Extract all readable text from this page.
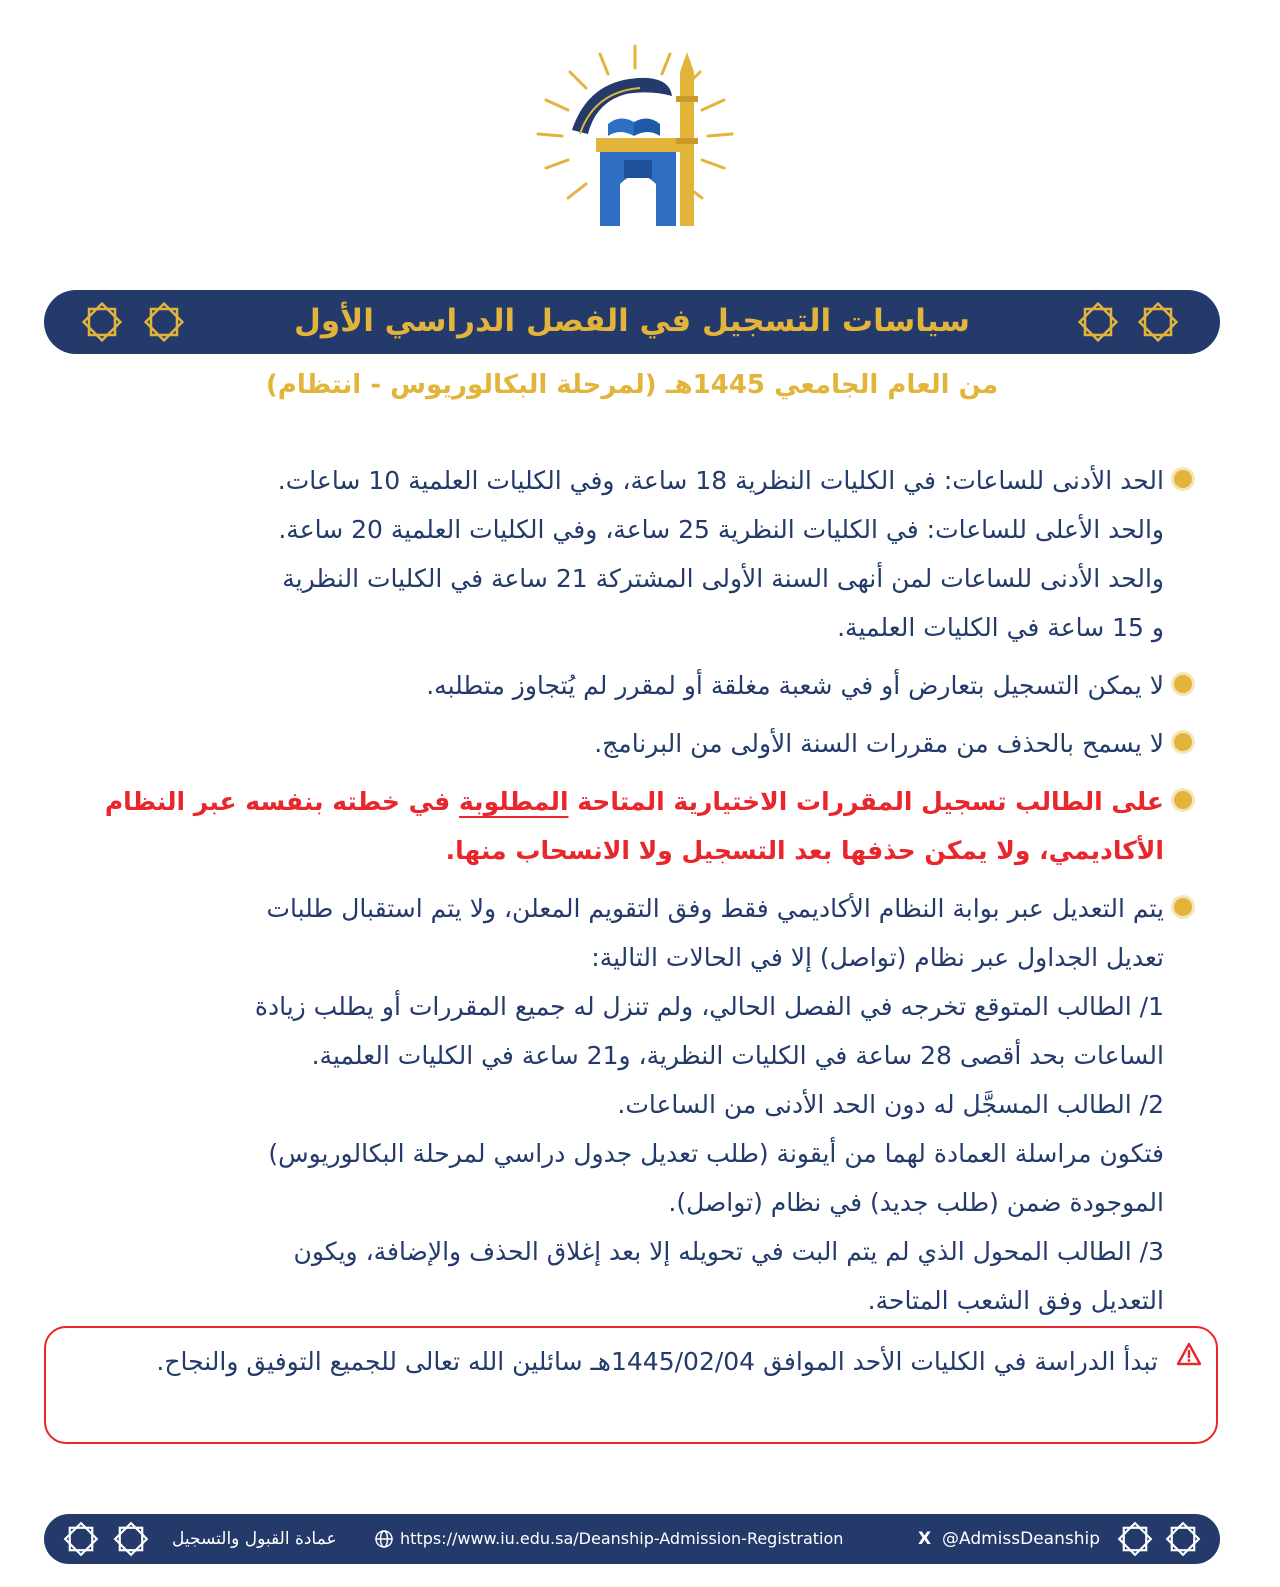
سياسات التسجيل في الفصل الدراسي الأول
من العام الجامعي 1445هـ (لمرحلة البكالوريوس - انتظام)
الحد الأدنى للساعات: في الكليات النظرية 18 ساعة، وفي الكليات العلمية 10 ساعات.
والحد الأعلى للساعات: في الكليات النظرية 25 ساعة، وفي الكليات العلمية 20 ساعة.
والحد الأدنى للساعات لمن أنهى السنة الأولى المشتركة 21 ساعة في الكليات النظرية
و 15 ساعة في الكليات العلمية.
لا يمكن التسجيل بتعارض أو في شعبة مغلقة أو لمقرر لم يُتجاوز متطلبه.
لا يسمح بالحذف من مقررات السنة الأولى من البرنامج.
على الطالب تسجيل المقررات الاختيارية المتاحة المطلوبة في خطته بنفسه عبر النظام
الأكاديمي، ولا يمكن حذفها بعد التسجيل ولا الانسحاب منها.
يتم التعديل عبر بوابة النظام الأكاديمي فقط وفق التقويم المعلن، ولا يتم استقبال طلبات
تعديل الجداول عبر نظام (تواصل) إلا في الحالات التالية:
1/ الطالب المتوقع تخرجه في الفصل الحالي، ولم تنزل له جميع المقررات أو يطلب زيادة
الساعات بحد أقصى 28 ساعة في الكليات النظرية، و21 ساعة في الكليات العلمية.
2/ الطالب المسجَّل له دون الحد الأدنى من الساعات.
فتكون مراسلة العمادة لهما من أيقونة (طلب تعديل جدول دراسي لمرحلة البكالوريوس)
الموجودة ضمن (طلب جديد) في نظام (تواصل).
3/ الطالب المحول الذي لم يتم البت في تحويله إلا بعد إغلاق الحذف والإضافة، ويكون
التعديل وفق الشعب المتاحة.
تبدأ الدراسة في الكليات الأحد الموافق 1445/02/04هـ سائلين الله تعالى للجميع التوفيق والنجاح.
عمادة القبول والتسجيل	https://www.iu.edu.sa/Deanship-Admission-Registration	X @AdmissDeanship
